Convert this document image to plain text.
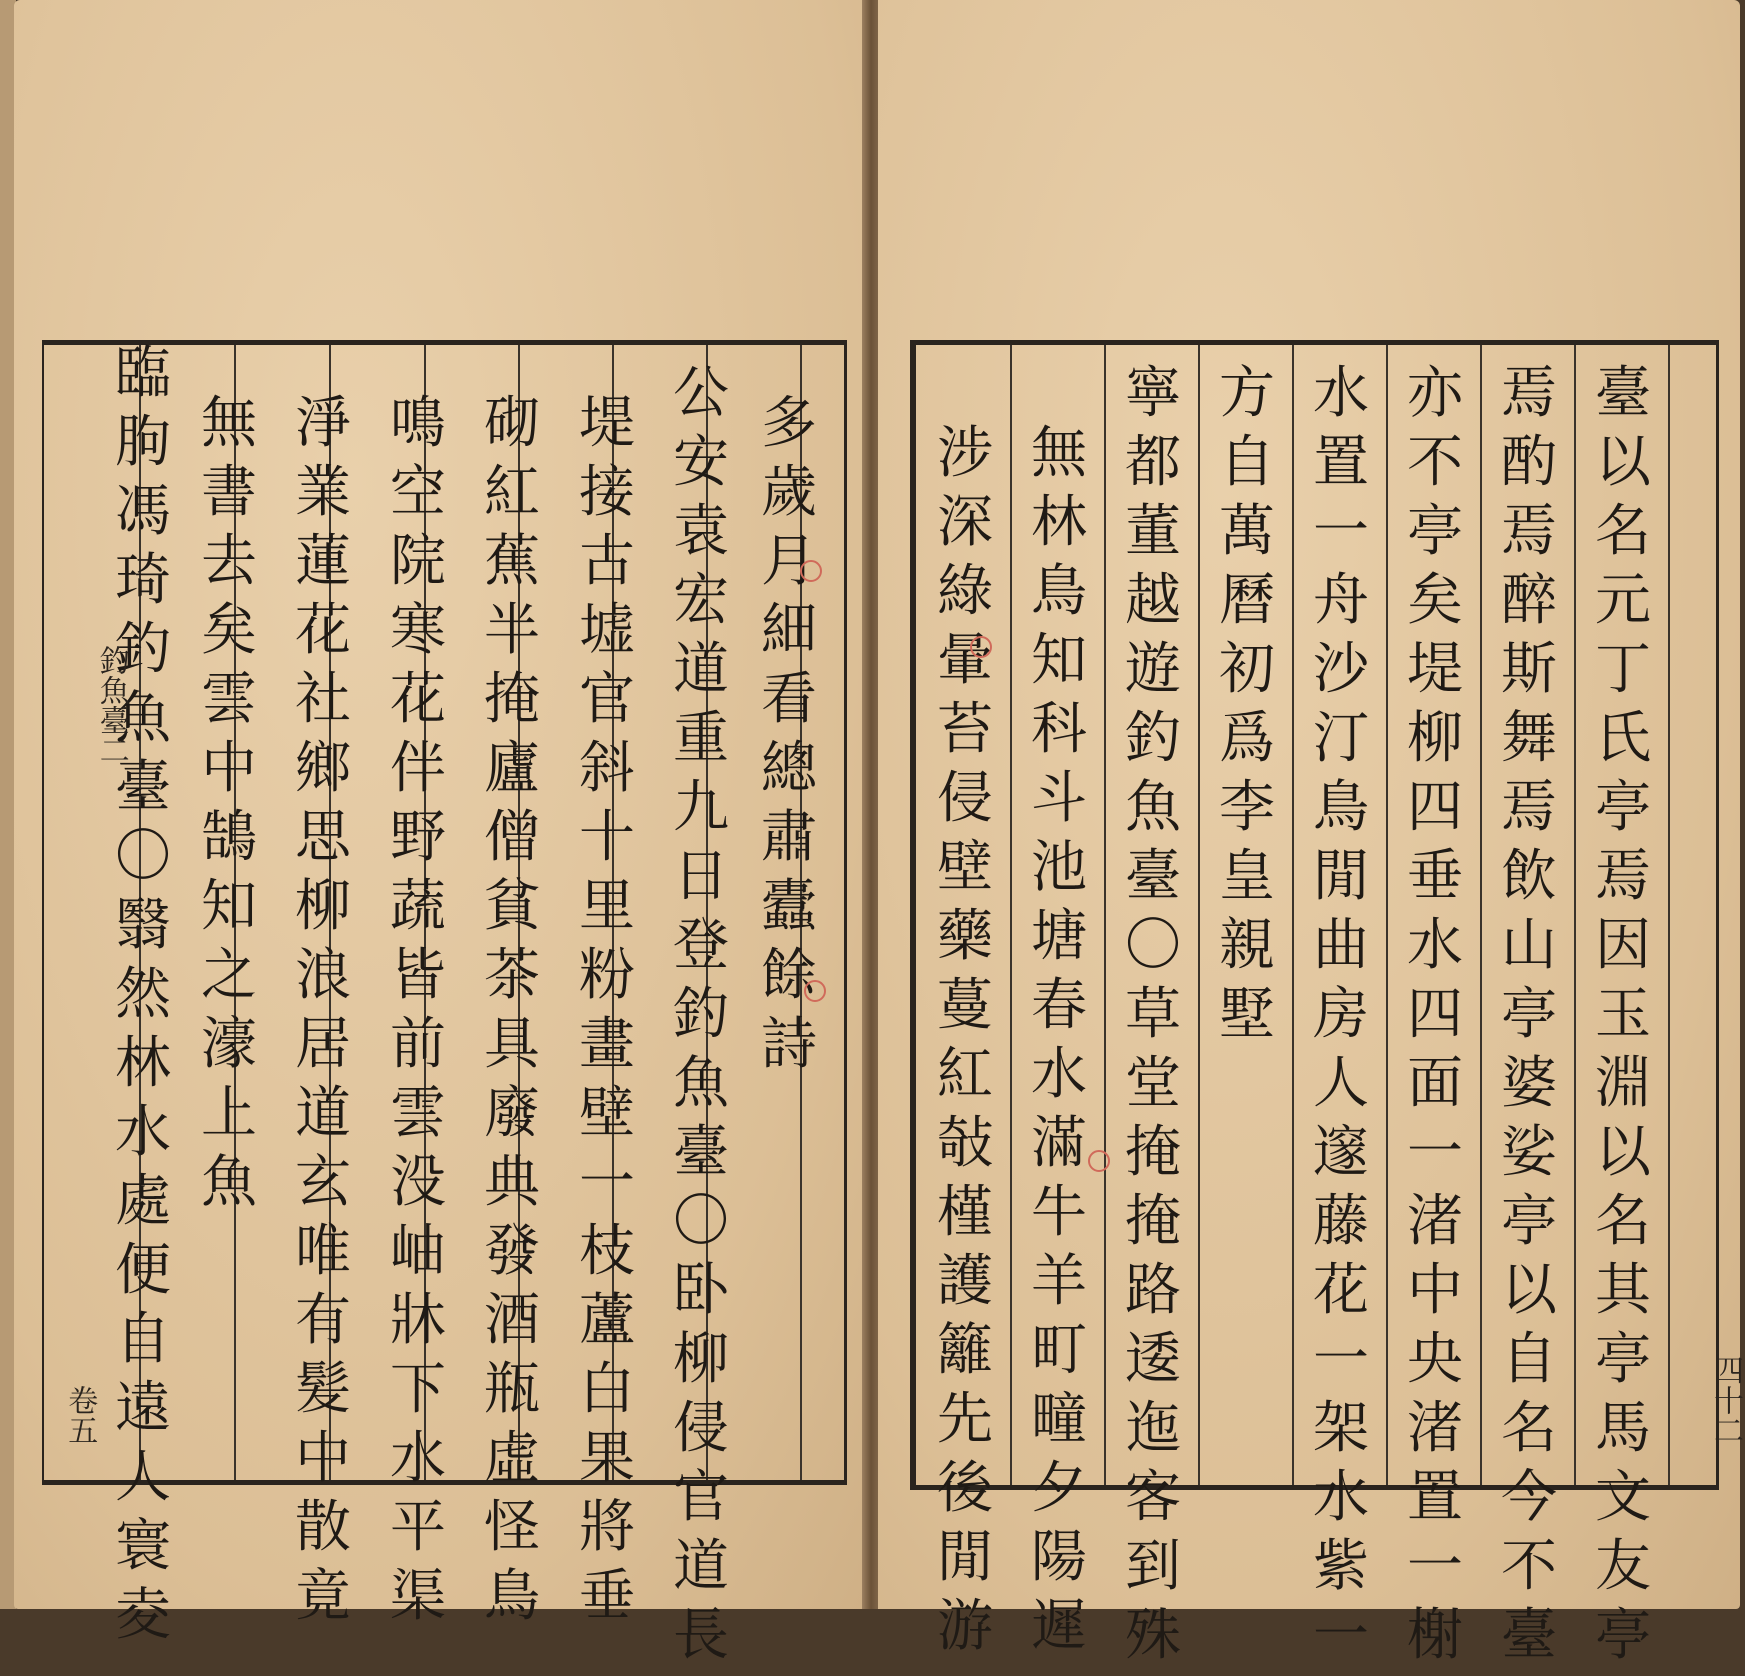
多
歲
月
細
看
總
肅
蠹
餘
詩
公
安
袁
宏
道
重
九
日
登
釣
魚
臺
〇
卧
柳
侵
官
道
長
堤
接
古
墟
官
斜
十
里
粉
畫
壁
一
枝
蘆
白
果
將
垂
砌
紅
蕉
半
掩
廬
僧
貧
茶
具
廢
典
發
酒
瓶
虛
怪
鳥
鳴
空
院
寒
花
伴
野
蔬
皆
前
雲
没
岫
牀
下
水
平
渠
淨
業
蓮
花
社
鄉
思
柳
浪
居
道
玄
唯
有
髪
中
散
竟
無
書
去
矣
雲
中
鵠
知
之
濠
上
魚
臨
朐
馮
琦
釣
魚
臺
〇
翳
然
林
水
處
便
自
遠
人
寰
夌
釣魚臺二
卷五
臺
以
名
元
丁
氏
亭
焉
因
玉
淵
以
名
其
亭
馬
文
友
亭
焉
酌
焉
醉
斯
舞
焉
飲
山
亭
婆
娑
亭
以
自
名
今
不
臺
亦
不
亭
矣
堤
柳
四
垂
水
四
面
一
渚
中
央
渚
置
一
榭
水
置
一
舟
沙
汀
鳥
閒
曲
房
人
邃
藤
花
一
架
水
紫
一
方
自
萬
曆
初
爲
李
皇
親
墅
寧
都
董
越
遊
釣
魚
臺
〇
草
堂
掩
掩
路
逶
迤
客
到
殊
無
林
鳥
知
科
斗
池
塘
春
水
滿
牛
羊
町
疃
夕
陽
遲
涉
深
綠
暈
苔
侵
壁
藥
蔓
紅
敧
槿
護
籬
先
後
閒
游
四十二
